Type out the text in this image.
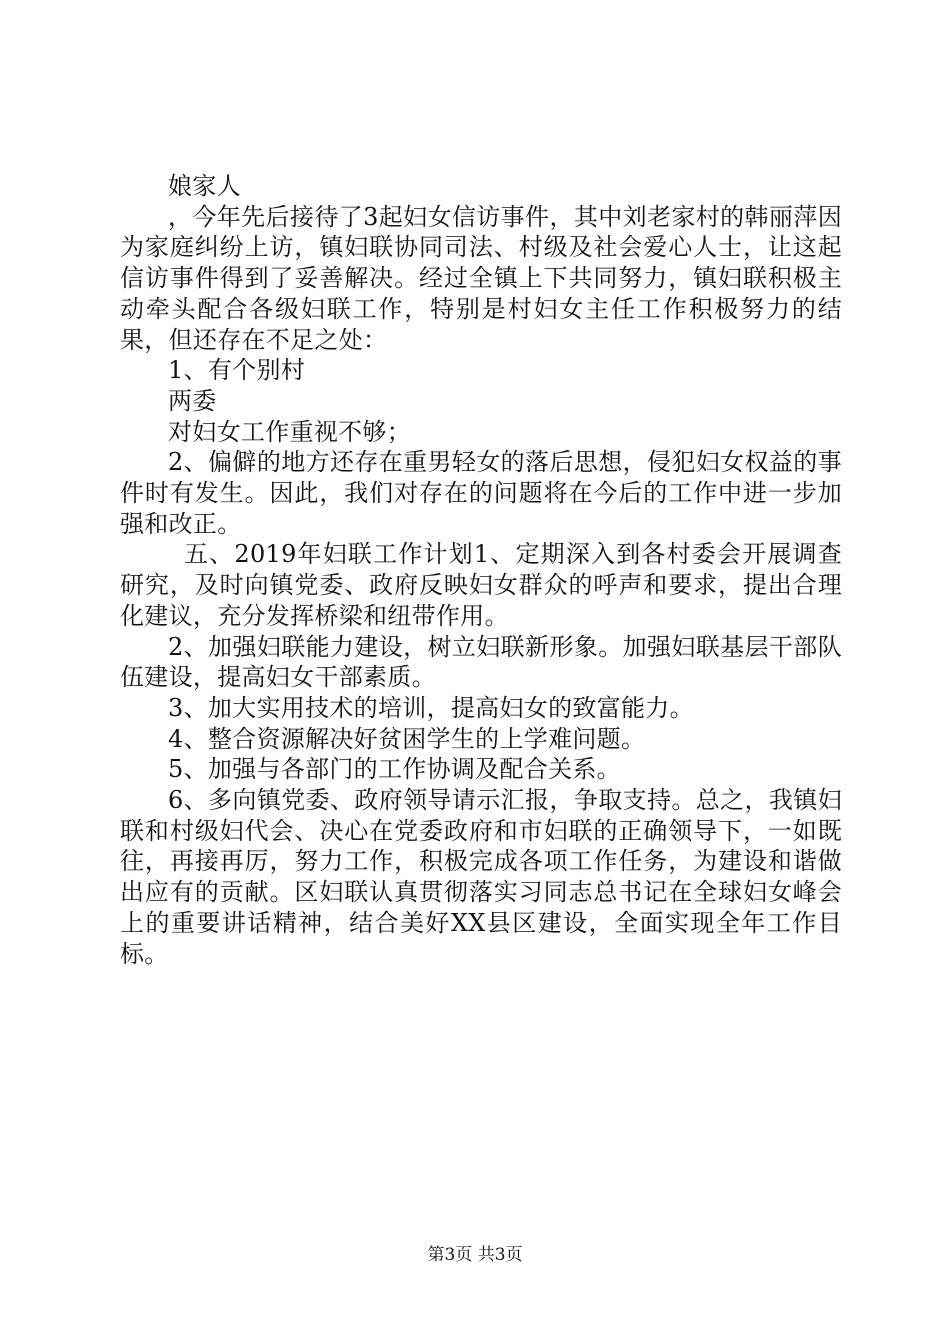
娘家人

，今年先后接待了3起妇女信访事件，其中刘老家村的韩丽萍因为家庭纠纷上访，镇妇联协同司法、村级及社会爱心人士，让这起信访事件得到了妥善解决。经过全镇上下共同努力，镇妇联积极主动牵头配合各级妇联工作，特别是村妇女主任工作积极努力的结果，但还存在不足之处：

1、有个别村

两委

对妇女工作重视不够；

2、偏僻的地方还存在重男轻女的落后思想，侵犯妇女权益的事件时有发生。因此，我们对存在的问题将在今后的工作中进一步加强和改正。

五、2019年妇联工作计划1、定期深入到各村委会开展调查研究，及时向镇党委、政府反映妇女群众的呼声和要求，提出合理化建议，充分发挥桥梁和纽带作用。

2、加强妇联能力建设，树立妇联新形象。加强妇联基层干部队伍建设，提高妇女干部素质。

3、加大实用技术的培训，提高妇女的致富能力。

4、整合资源解决好贫困学生的上学难问题。

5、加强与各部门的工作协调及配合关系。

6、多向镇党委、政府领导请示汇报，争取支持。总之，我镇妇联和村级妇代会、决心在党委政府和市妇联的正确领导下，一如既往，再接再厉，努力工作，积极完成各项工作任务，为建设和谐做出应有的贡献。区妇联认真贯彻落实习同志总书记在全球妇女峰会上的重要讲话精神，结合美好XX县区建设，全面实现全年工作目标。

第3页 共3页
